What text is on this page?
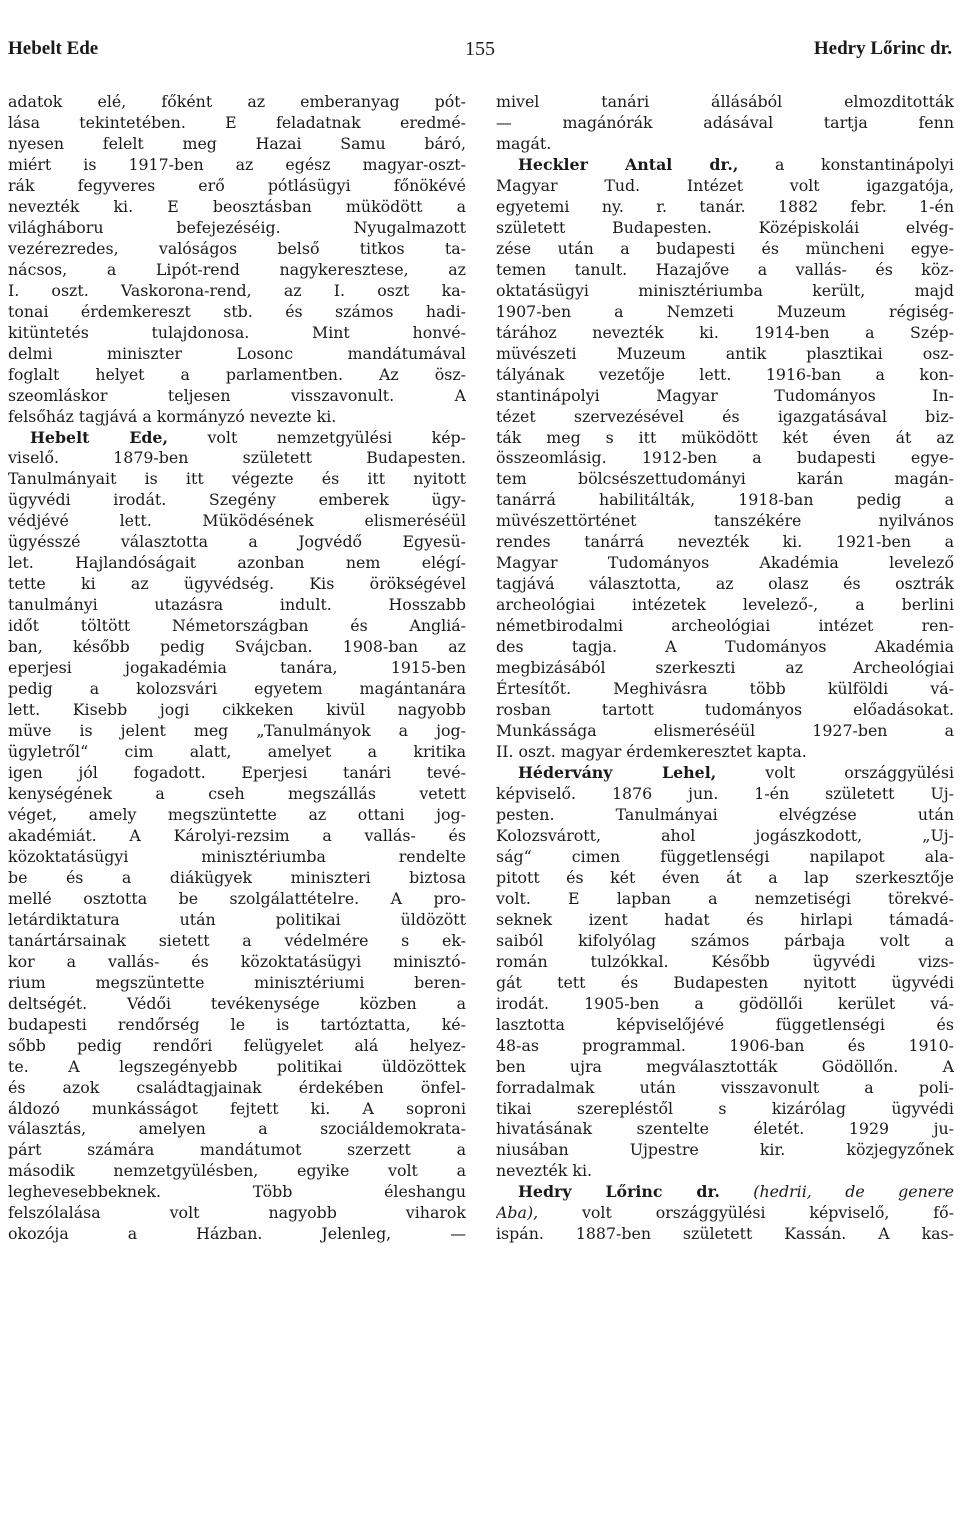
Hebelt Ede	155	Hedry Lőrinc dr.
adatok elé, főként az emberanyag pót-
lása tekintetében. E feladatnak eredmé-
nyesen felelt meg Hazai Samu báró,
miért is 1917-ben az egész magyar-oszt-
rák fegyveres erő pótlásügyi főnökévé
nevezték ki. E beosztásban müködött a
világháboru befejezéséig. Nyugalmazott
vezérezredes, valóságos belső titkos ta-
nácsos, a Lipót-rend nagykeresztese, az
I. oszt. Vaskorona-rend, az I. oszt ka-
tonai érdemkereszt stb. és számos hadi-
kitüntetés tulajdonosa. Mint honvé-
delmi miniszter Losonc mandátumával
foglalt helyet a parlamentben. Az ösz-
szeomláskor teljesen visszavonult. A
felsőház tagjává a kormányzó nevezte ki.
Hebelt Ede, volt nemzetgyülési kép-
viselő. 1879-ben született Budapesten.
Tanulmányait is itt végezte és itt nyitott
ügyvédi irodát. Szegény emberek ügy-
védjévé lett. Müködésének elismeréséül
ügyésszé választotta a Jogvédő Egyesü-
let. Hajlandóságait azonban nem elégí-
tette ki az ügyvédség. Kis örökségével
tanulmányi utazásra indult. Hosszabb
időt töltött Németországban és Angliá-
ban, később pedig Svájcban. 1908-ban az
eperjesi jogakadémia tanára, 1915-ben
pedig a kolozsvári egyetem magántanára
lett. Kisebb jogi cikkeken kivül nagyobb
müve is jelent meg „Tanulmányok a jog-
ügyletről“ cim alatt, amelyet a kritika
igen jól fogadott. Eperjesi tanári tevé-
kenységének a cseh megszállás vetett
véget, amely megszüntette az ottani jog-
akadémiát. A Károlyi-rezsim a vallás- és
közoktatásügyi minisztériumba rendelte
be és a diákügyek miniszteri biztosa
mellé osztotta be szolgálattételre. A pro-
letárdiktatura után politikai üldözött
tanártársainak sietett a védelmére s ek-
kor a vallás- és közoktatásügyi minisztó-
rium megszüntette minisztériumi beren-
deltségét. Védői tevékenysége közben a
budapesti rendőrség le is tartóztatta, ké-
sőbb pedig rendőri felügyelet alá helyez-
te. A legszegényebb politikai üldözöttek
és azok családtagjainak érdekében önfel-
áldozó munkásságot fejtett ki. A soproni
választás, amelyen a szociáldemokrata-
párt számára mandátumot szerzett a
második nemzetgyülésben, egyike volt a
leghevesebbeknek. Több éleshangu
felszólalása volt nagyobb viharok
okozója a Házban. Jelenleg, —
mivel tanári állásából elmozditották
— magánórák adásával tartja fenn
magát.
Heckler Antal dr., a konstantinápolyi
Magyar Tud. Intézet volt igazgatója,
egyetemi ny. r. tanár. 1882 febr. 1-én
született Budapesten. Középiskolái elvég-
zése után a budapesti és müncheni egye-
temen tanult. Hazajőve a vallás- és köz-
oktatásügyi minisztériumba került, majd
1907-ben a Nemzeti Muzeum régiség-
tárához nevezték ki. 1914-ben a Szép-
müvészeti Muzeum antik plasztikai osz-
tályának vezetője lett. 1916-ban a kon-
stantinápolyi Magyar Tudományos In-
tézet szervezésével és igazgatásával biz-
ták meg s itt müködött két éven át az
összeomlásig. 1912-ben a budapesti egye-
tem bölcsészettudományi karán magán-
tanárrá habilitálták, 1918-ban pedig a
müvészettörténet tanszékére nyilvános
rendes tanárrá nevezték ki. 1921-ben a
Magyar Tudományos Akadémia levelező
tagjává választotta, az olasz és osztrák
archeológiai intézetek levelező-, a berlini
németbirodalmi archeológiai intézet ren-
des tagja. A Tudományos Akadémia
megbizásából szerkeszti az Archeológiai
Értesítőt. Meghivásra több külföldi vá-
rosban tartott tudományos előadásokat.
Munkássága elismeréséül 1927-ben a
II. oszt. magyar érdemkeresztet kapta.
Hédervány Lehel, volt országgyülési
képviselő. 1876 jun. 1-én született Uj-
pesten. Tanulmányai elvégzése után
Kolozsvárott, ahol jogászkodott, „Uj-
ság“ cimen függetlenségi napilapot ala-
pitott és két éven át a lap szerkesztője
volt. E lapban a nemzetiségi törekvé-
seknek izent hadat és hirlapi támadá-
saiból kifolyólag számos párbaja volt a
román tulzókkal. Később ügyvédi vizs-
gát tett és Budapesten nyitott ügyvédi
irodát. 1905-ben a gödöllői kerület vá-
lasztotta képviselőjévé függetlenségi és
48-as programmal. 1906-ban és 1910-
ben ujra megválasztották Gödöllőn. A
forradalmak után visszavonult a poli-
tikai szerepléstől s kizárólag ügyvédi
hivatásának szentelte életét. 1929 ju-
niusában Ujpestre kir. közjegyzőnek
nevezték ki.
Hedry Lőrinc dr. (hedrii, de genere
Aba), volt országgyülési képviselő, fő-
ispán. 1887-ben született Kassán. A kas-
